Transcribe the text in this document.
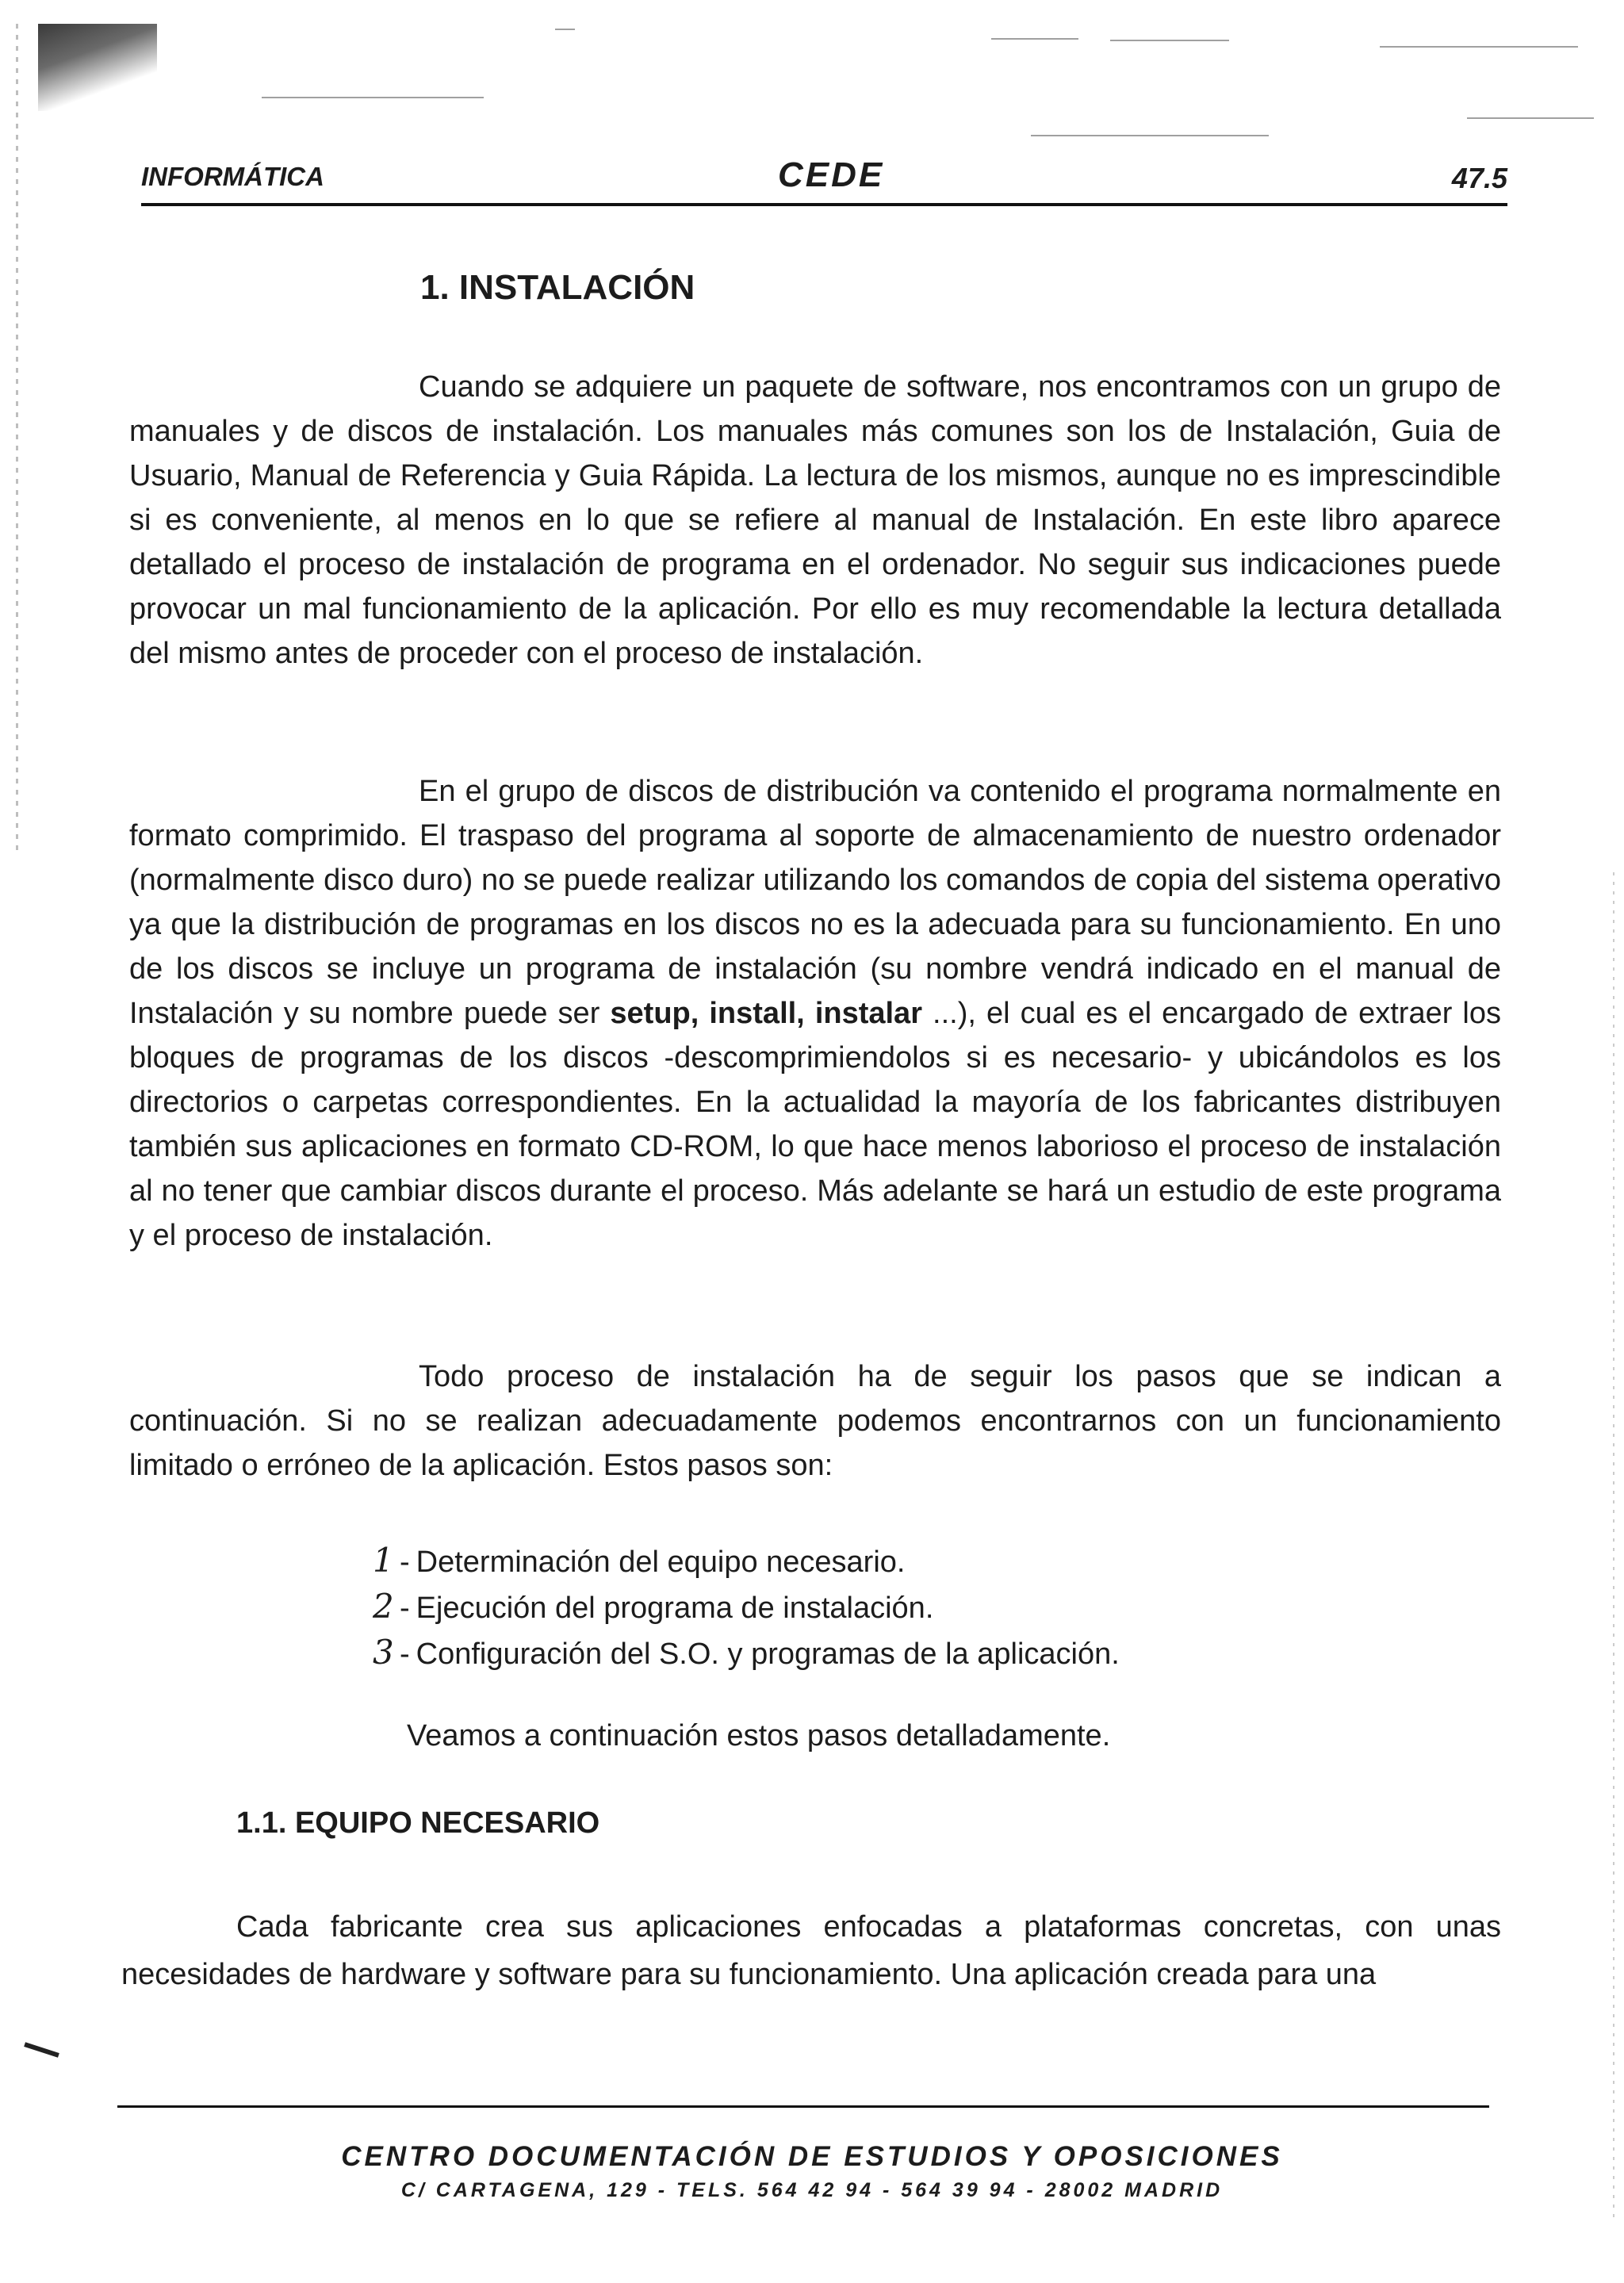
INFORMÁTICA	CEDE	47.5
1. INSTALACIÓN

Cuando se adquiere un paquete de software, nos encontramos con un grupo de manuales y de discos de instalación. Los manuales más comunes son los de Instalación, Guia de Usuario, Manual de Referencia y Guia Rápida. La lectura de los mismos, aunque no es imprescindible si es conveniente, al menos en lo que se refiere al manual de Instalación. En este libro aparece detallado el proceso de instalación de programa en el ordenador. No seguir sus indicaciones puede provocar un mal funcionamiento de la aplicación. Por ello es muy recomendable la lectura detallada del mismo antes de proceder con el proceso de instalación.

En el grupo de discos de distribución va contenido el programa normalmente en formato comprimido. El traspaso del programa al soporte de almacenamiento de nuestro ordenador (normalmente disco duro) no se puede realizar utilizando los comandos de copia del sistema operativo ya que la distribución de programas en los discos no es la adecuada para su funcionamiento. En uno de los discos se incluye un programa de instalación (su nombre vendrá indicado en el manual de Instalación y su nombre puede ser setup, install, instalar ...), el cual es el encargado de extraer los bloques de programas de los discos -descomprimiendolos si es necesario- y ubicándolos es los directorios o carpetas correspondientes. En la actualidad la mayoría de los fabricantes distribuyen también sus aplicaciones en formato CD-ROM, lo que hace menos laborioso el proceso de instalación al no tener que cambiar discos durante el proceso. Más adelante se hará un estudio de este programa y el proceso de instalación.

Todo proceso de instalación ha de seguir los pasos que se indican a continuación. Si no se realizan adecuadamente podemos encontrarnos con un funcionamiento limitado o erróneo de la aplicación. Estos pasos son:

1 - Determinación del equipo necesario.
2 - Ejecución del programa de instalación.
3 - Configuración del S.O. y programas de la aplicación.

Veamos a continuación estos pasos detalladamente.

1.1. EQUIPO NECESARIO

Cada fabricante crea sus aplicaciones enfocadas a plataformas concretas, con unas necesidades de hardware y software para su funcionamiento. Una aplicación creada para una

CENTRO DOCUMENTACIÓN DE ESTUDIOS Y OPOSICIONES
C/ CARTAGENA, 129 - TELS. 564 42 94 - 564 39 94 - 28002 MADRID
